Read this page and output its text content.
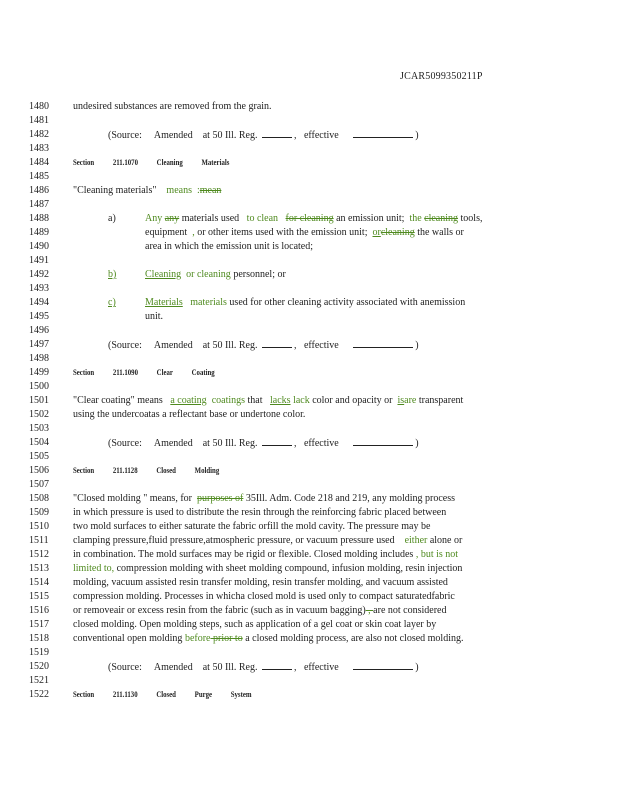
JCAR5099350211P
1480 undesired substances are removed from the grain.
1481
1482	(Source: Amended at 50 Ill. Reg.	,   effective	)
1483
1484	Section 211.1070 Cleaning Materials
1485
1486 "Cleaning materials" means :mean
1487
1488	a)	Any any materials used to clean for cleaning an emission unit; the cleaning tools,
1489	equipment , or other items used with the emission unit; orcleaning the walls or
1490	area in which the emission unit is located;
1491
1492	b)	Cleaning or cleaning personnel; or
1493
1494	c)	Materials materials used for other cleaning activity associated with anemission
1495	unit.
1496
1497	(Source: Amended at 50 Ill. Reg.	,   effective	)
1498
1499	Section 211.1090 Clear Coating
1500
1501 "Clear coating" means a coating coatings that lacks lack color and opacity or isare transparent
1502 using the undercoatas a reflectant base or undertone color.
1503
1504	(Source: Amended at 50 Ill. Reg.	,   effective	)
1505
1506	Section 211.1128 Closed Molding
1507
1508 "Closed molding " means, for purposes of 35Ill. Adm. Code 218 and 219, any molding process
1509 in which pressure is used to distribute the resin through the reinforcing fabric placed between
1510 two mold surfaces to either saturate the fabric orfill the mold cavity. The pressure may be
1511 clamping pressure,fluid pressure,atmospheric pressure, or vacuum pressure used either alone or
1512 in combination. The mold surfaces may be rigid or flexible. Closed molding includes , but is not
1513 limited to, compression molding with sheet molding compound, infusion molding, resin injection
1514 molding, vacuum assisted resin transfer molding, resin transfer molding, and vacuum assisted
1515 compression molding. Processes in whicha closed mold is used only to compact saturatedfabric
1516 or removeair or excess resin from the fabric (such as in vacuum bagging) , are not considered
1517 closed molding. Open molding steps, such as application of a gel coat or skin coat layer by
1518 conventional open molding before prior to a closed molding process, are also not closed molding.
1519
1520	(Source: Amended at 50 Ill. Reg.	,   effective	)
1521
1522	Section 211.1130 Closed Purge System
